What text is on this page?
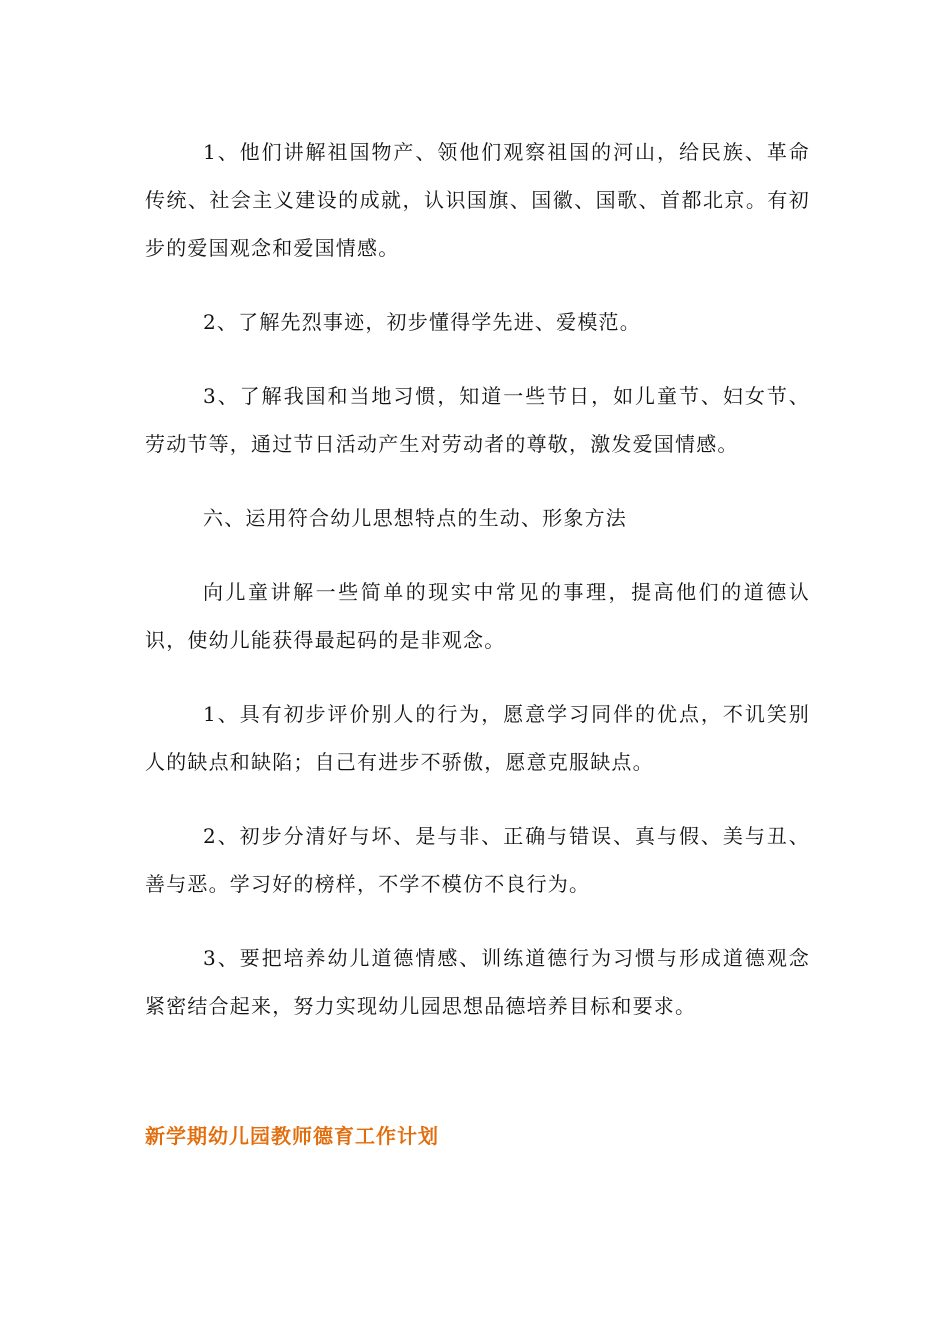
1、他们讲解祖国物产、领他们观察祖国的河山，给民族、革命传统、社会主义建设的成就，认识国旗、国徽、国歌、首都北京。有初步的爱国观念和爱国情感。

2、了解先烈事迹，初步懂得学先进、爱模范。

3、了解我国和当地习惯，知道一些节日，如儿童节、妇女节、劳动节等，通过节日活动产生对劳动者的尊敬，激发爱国情感。

六、运用符合幼儿思想特点的生动、形象方法

向儿童讲解一些简单的现实中常见的事理，提高他们的道德认识，使幼儿能获得最起码的是非观念。

1、具有初步评价别人的行为，愿意学习同伴的优点，不讥笑别人的缺点和缺陷；自己有进步不骄傲，愿意克服缺点。

2、初步分清好与坏、是与非、正确与错误、真与假、美与丑、善与恶。学习好的榜样，不学不模仿不良行为。

3、要把培养幼儿道德情感、训练道德行为习惯与形成道德观念紧密结合起来，努力实现幼儿园思想品德培养目标和要求。

新学期幼儿园教师德育工作计划
